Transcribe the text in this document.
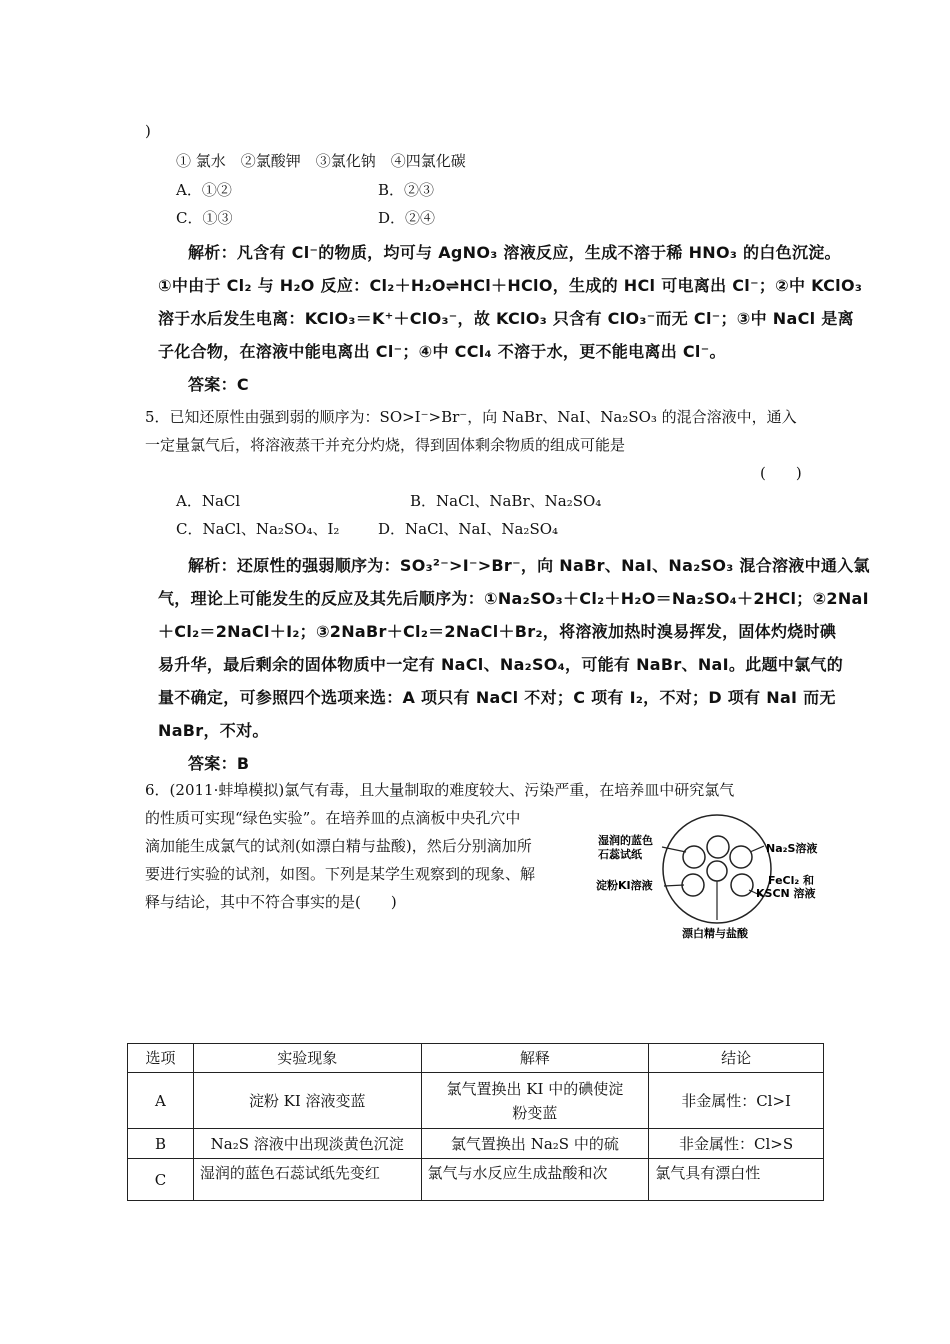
)
① 氯水　②氯酸钾　③氯化钠　④四氯化碳
A．①②	B．②③
C．①③	D．②④
解析：凡含有 Cl⁻的物质，均可与 AgNO₃ 溶液反应，生成不溶于稀 HNO₃ 的白色沉淀。
①中由于 Cl₂ 与 H₂O 反应：Cl₂＋H₂O⇌HCl＋HClO，生成的 HCl 可电离出 Cl⁻；②中 KClO₃
溶于水后发生电离：KClO₃＝K⁺＋ClO₃⁻，故 KClO₃ 只含有 ClO₃⁻而无 Cl⁻；③中 NaCl 是离
子化合物，在溶液中能电离出 Cl⁻；④中 CCl₄ 不溶于水，更不能电离出 Cl⁻。
答案：C
5．已知还原性由强到弱的顺序为：SO>I⁻>Br⁻，向 NaBr、NaI、Na₂SO₃ 的混合溶液中，通入
一定量氯气后，将溶液蒸干并充分灼烧，得到固体剩余物质的组成可能是
(　　)
A．NaCl	B．NaCl、NaBr、Na₂SO₄
C．NaCl、Na₂SO₄、I₂	D．NaCl、NaI、Na₂SO₄
解析：还原性的强弱顺序为：SO₃²⁻>I⁻>Br⁻，向 NaBr、NaI、Na₂SO₃ 混合溶液中通入氯
气，理论上可能发生的反应及其先后顺序为：①Na₂SO₃＋Cl₂＋H₂O＝Na₂SO₄＋2HCl；②2NaI
＋Cl₂＝2NaCl＋I₂；③2NaBr＋Cl₂＝2NaCl＋Br₂，将溶液加热时溴易挥发，固体灼烧时碘
易升华，最后剩余的固体物质中一定有 NaCl、Na₂SO₄，可能有 NaBr、NaI。此题中氯气的
量不确定，可参照四个选项来选：A 项只有 NaCl 不对；C 项有 I₂，不对；D 项有 NaI 而无
NaBr，不对。
答案：B
6．(2011·蚌埠模拟)氯气有毒，且大量制取的难度较大、污染严重，在培养皿中研究氯气
的性质可实现“绿色实验”。在培养皿的点滴板中央孔穴中
滴加能生成氯气的试剂(如漂白精与盐酸)，然后分别滴加所
要进行实验的试剂，如图。下列是某学生观察到的现象、解
释与结论，其中不符合事实的是(　　)
湿润的蓝色
石蕊试纸	Na₂S溶液
淀粉KI溶液	FeCl₂ 和
KSCN 溶液
漂白精与盐酸
选项	实验现象	解释	结论
A	淀粉 KI 溶液变蓝	氯气置换出 KI 中的碘使淀粉变蓝	非金属性：Cl>I
B	Na₂S 溶液中出现淡黄色沉淀	氯气置换出 Na₂S 中的硫	非金属性：Cl>S
C	湿润的蓝色石蕊试纸先变红	氯气与水反应生成盐酸和次	氯气具有漂白性
